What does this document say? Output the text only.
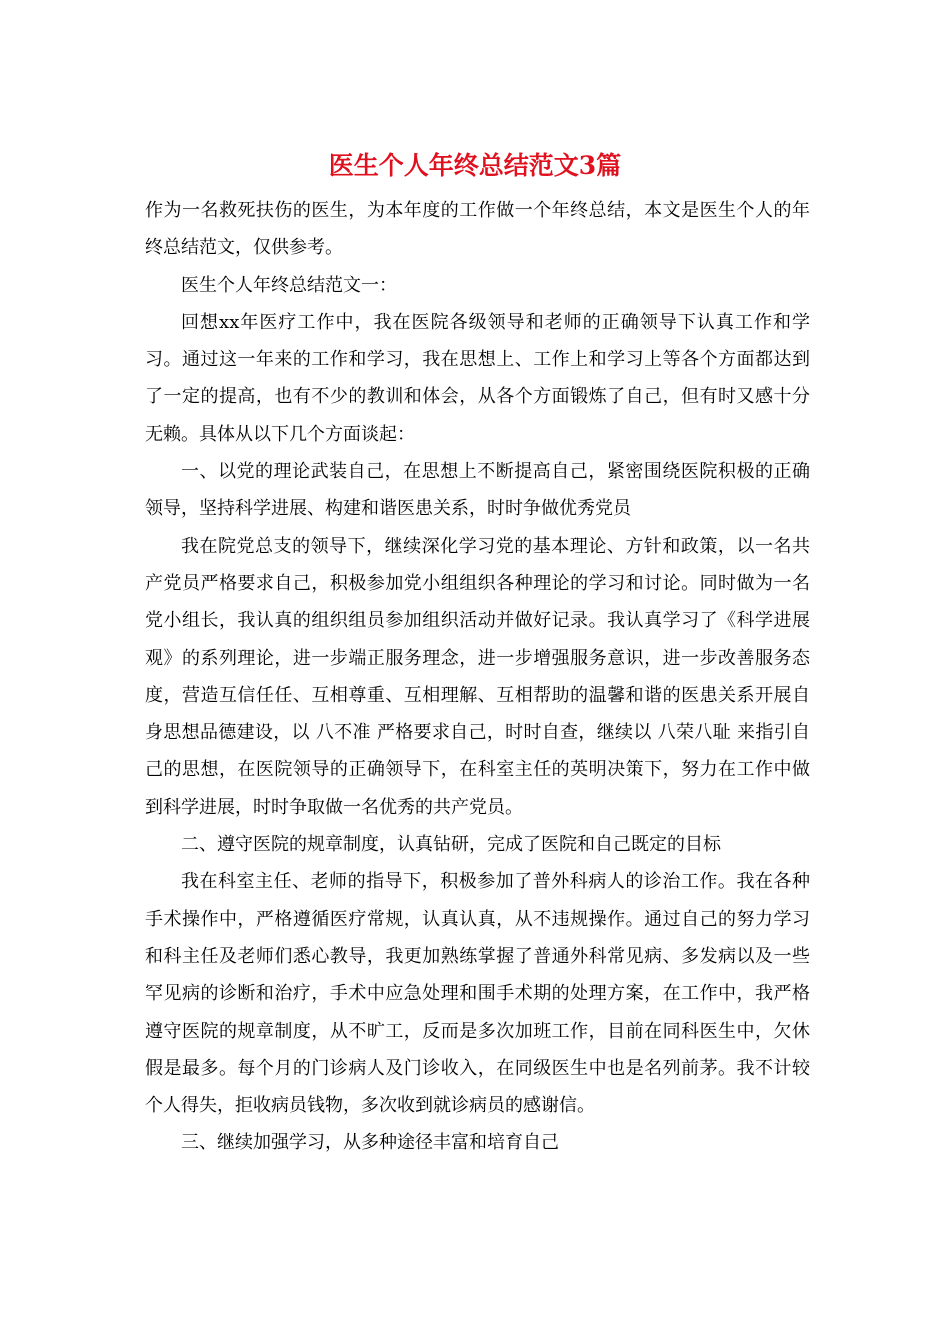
医生个人年终总结范文3篇

作为一名救死扶伤的医生，为本年度的工作做一个年终总结，本文是医生个人的年终总结范文，仅供参考。

医生个人年终总结范文一：

回想xx年医疗工作中，我在医院各级领导和老师的正确领导下认真工作和学习。通过这一年来的工作和学习，我在思想上、工作上和学习上等各个方面都达到了一定的提高，也有不少的教训和体会，从各个方面锻炼了自己，但有时又感十分无赖。具体从以下几个方面谈起：

一、以党的理论武装自己，在思想上不断提高自己，紧密围绕医院积极的正确领导，坚持科学进展、构建和谐医患关系，时时争做优秀党员

我在院党总支的领导下，继续深化学习党的基本理论、方针和政策，以一名共产党员严格要求自己，积极参加党小组组织各种理论的学习和讨论。同时做为一名党小组长，我认真的组织组员参加组织活动并做好记录。我认真学习了《科学进展观》的系列理论，进一步端正服务理念，进一步增强服务意识，进一步改善服务态度，营造互信任任、互相尊重、互相理解、互相帮助的温馨和谐的医患关系开展自身思想品德建设，以 八不准 严格要求自己，时时自查，继续以 八荣八耻 来指引自己的思想，在医院领导的正确领导下，在科室主任的英明决策下，努力在工作中做到科学进展，时时争取做一名优秀的共产党员。

二、遵守医院的规章制度，认真钻研，完成了医院和自己既定的目标

我在科室主任、老师的指导下，积极参加了普外科病人的诊治工作。我在各种手术操作中，严格遵循医疗常规，认真认真，从不违规操作。通过自己的努力学习和科主任及老师们悉心教导，我更加熟练掌握了普通外科常见病、多发病以及一些罕见病的诊断和治疗，手术中应急处理和围手术期的处理方案，在工作中，我严格遵守医院的规章制度，从不旷工，反而是多次加班工作，目前在同科医生中，欠休假是最多。每个月的门诊病人及门诊收入，在同级医生中也是名列前茅。我不计较个人得失，拒收病员钱物，多次收到就诊病员的感谢信。

三、继续加强学习，从多种途径丰富和培育自己
